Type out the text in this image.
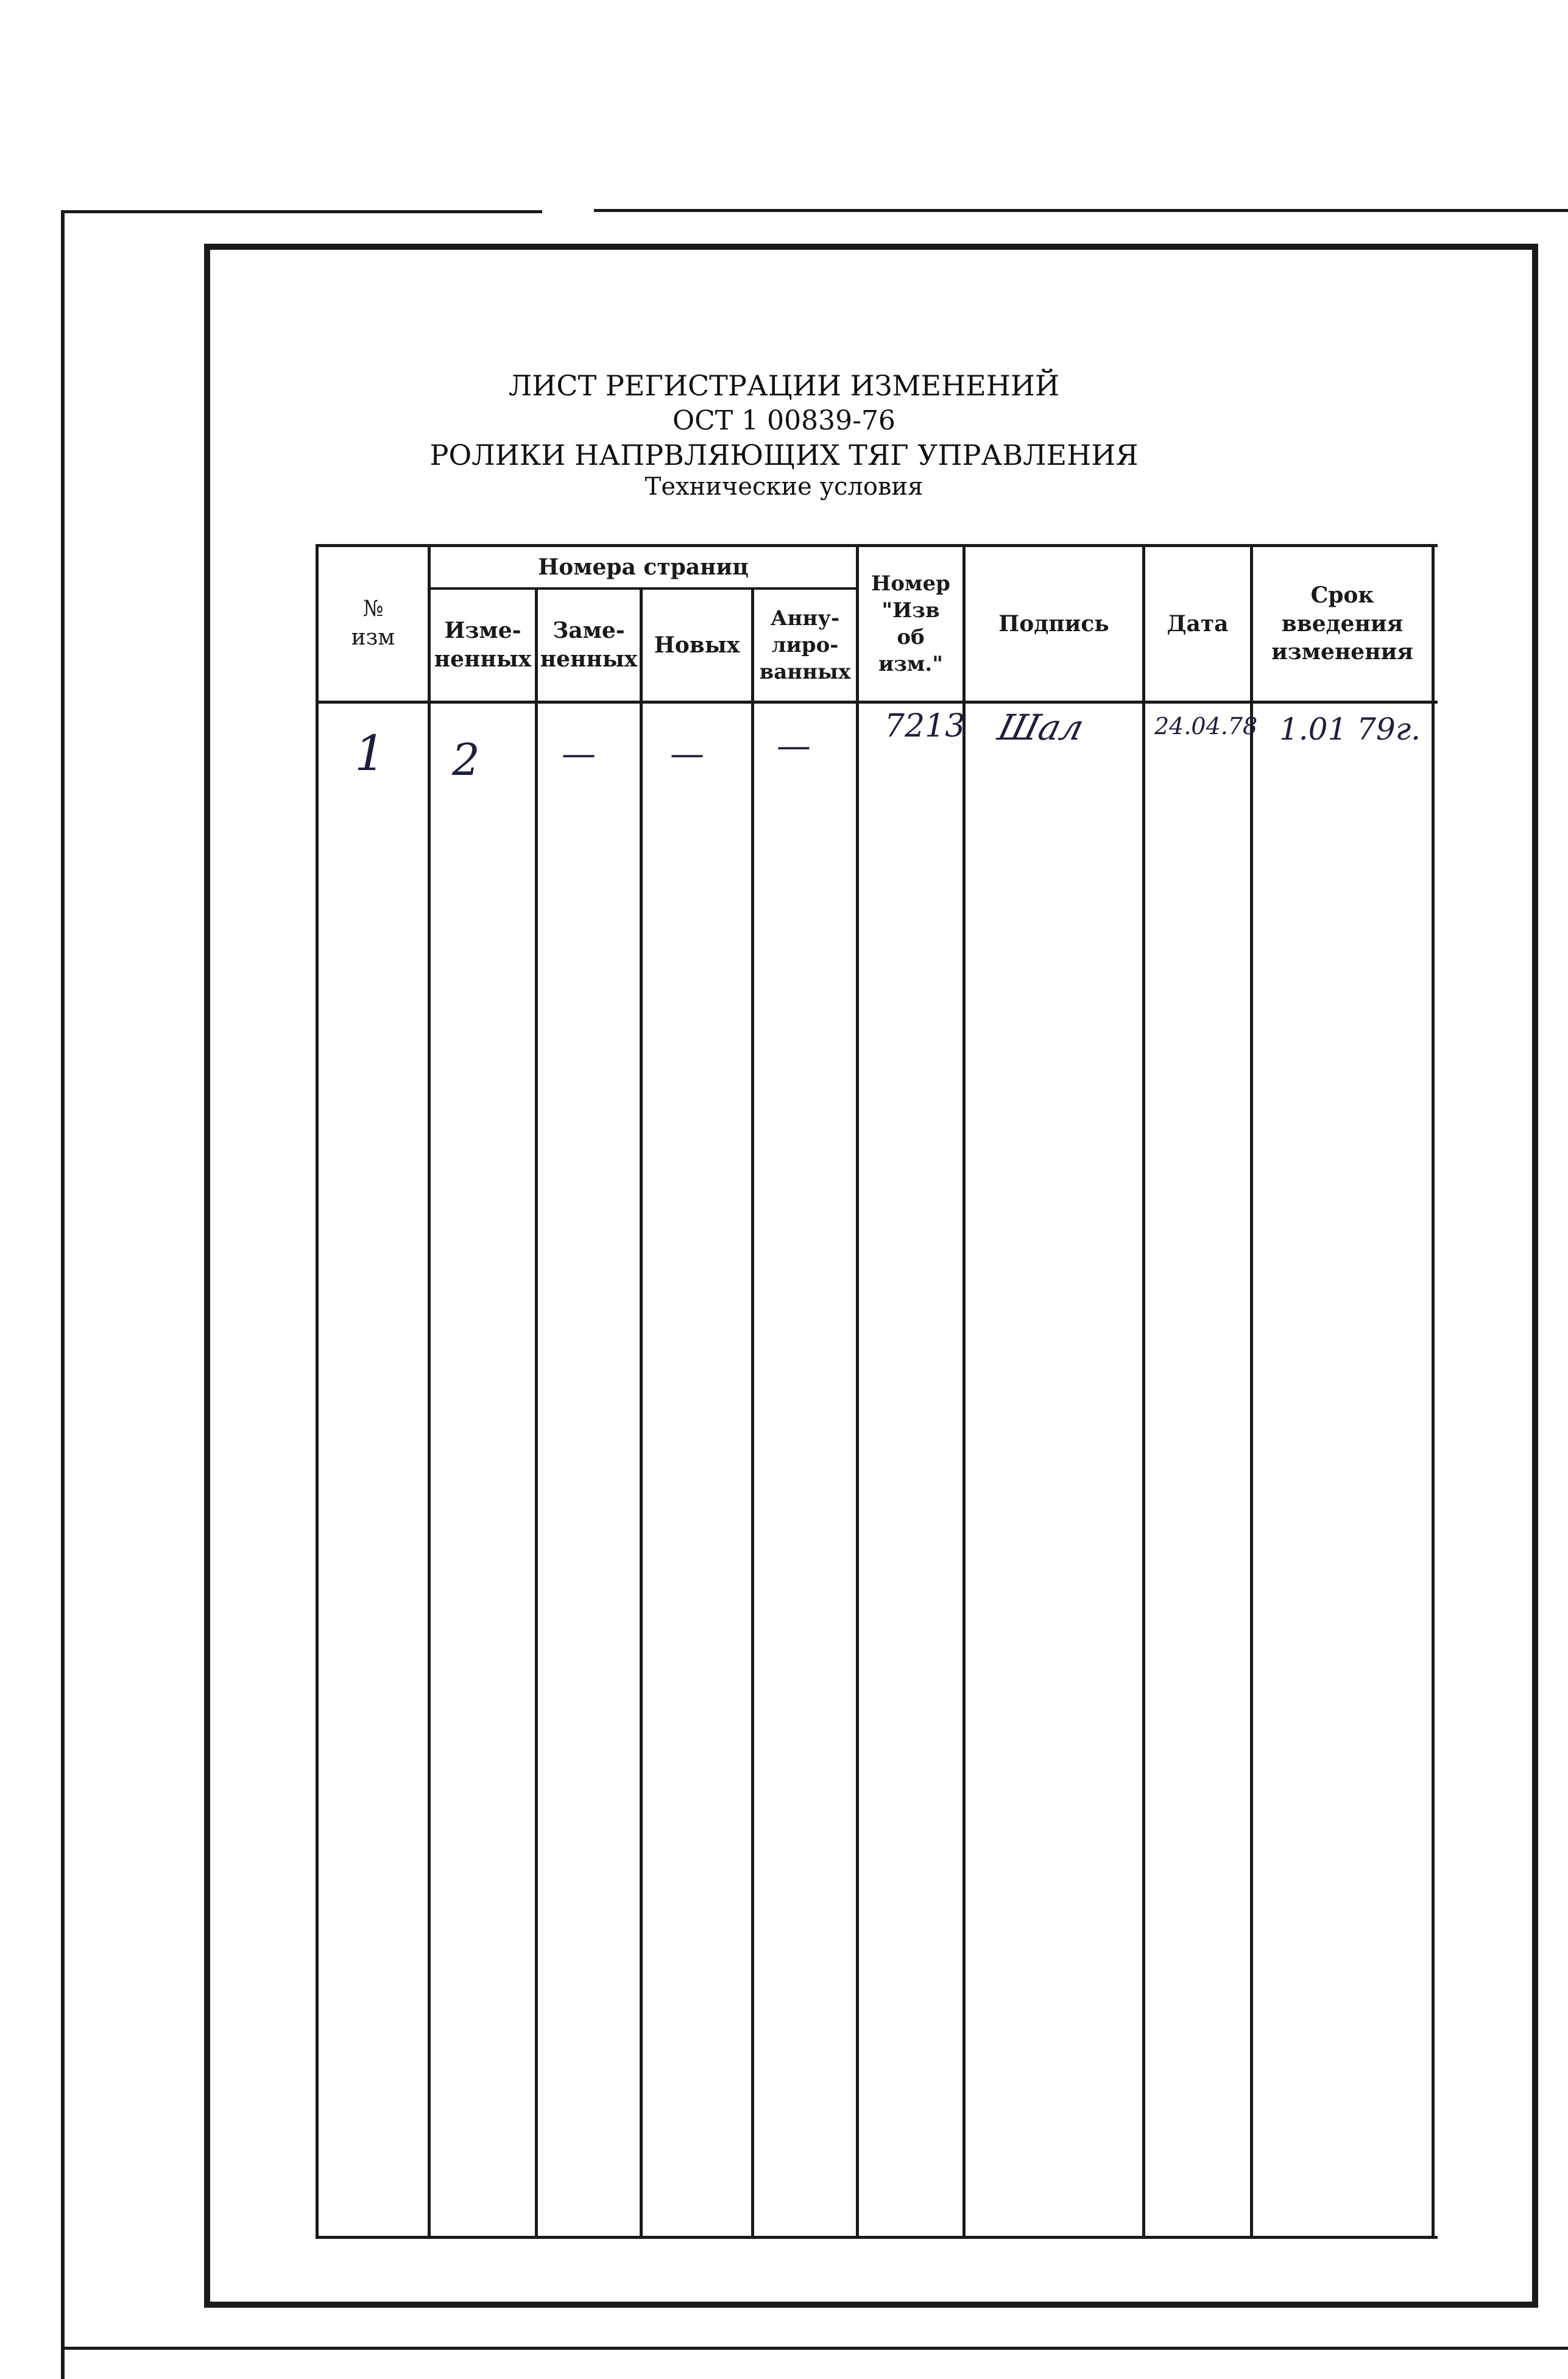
ЛИСТ РЕГИСТРАЦИИ ИЗМЕНЕНИЙ
ОСТ 1 00839-76
РОЛИКИ НАПРВЛЯЮЩИХ ТЯГ УПРАВЛЕНИЯ
Технические условия
№
изм
Номера страниц
Изме-
ненных
Заме-
ненных
Новых
Анну-
лиро-
ванных
Номер
"Изв
об
изм."
Подпись	Дата
Срок
введения
изменения
1 2 — — — 7213 Шал	24.04.78 1.01 79г.
